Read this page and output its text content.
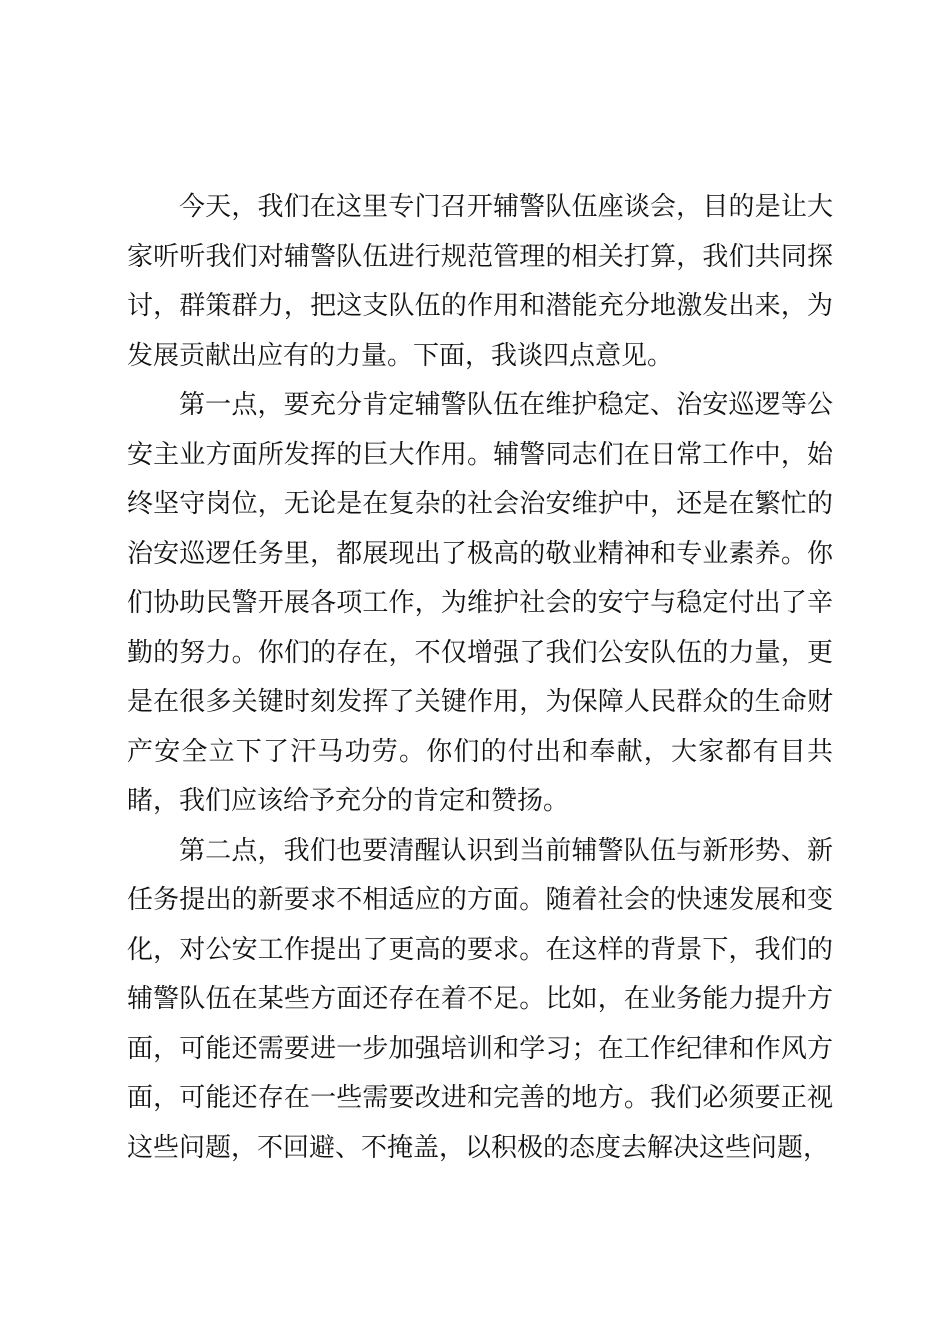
今天，我们在这里专门召开辅警队伍座谈会，目的是让大家听听我们对辅警队伍进行规范管理的相关打算，我们共同探讨，群策群力，把这支队伍的作用和潜能充分地激发出来，为发展贡献出应有的力量。下面，我谈四点意见。

第一点，要充分肯定辅警队伍在维护稳定、治安巡逻等公安主业方面所发挥的巨大作用。辅警同志们在日常工作中，始终坚守岗位，无论是在复杂的社会治安维护中，还是在繁忙的治安巡逻任务里，都展现出了极高的敬业精神和专业素养。你们协助民警开展各项工作，为维护社会的安宁与稳定付出了辛勤的努力。你们的存在，不仅增强了我们公安队伍的力量，更是在很多关键时刻发挥了关键作用，为保障人民群众的生命财产安全立下了汗马功劳。你们的付出和奉献，大家都有目共睹，我们应该给予充分的肯定和赞扬。

第二点，我们也要清醒认识到当前辅警队伍与新形势、新任务提出的新要求不相适应的方面。随着社会的快速发展和变化，对公安工作提出了更高的要求。在这样的背景下，我们的辅警队伍在某些方面还存在着不足。比如，在业务能力提升方面，可能还需要进一步加强培训和学习；在工作纪律和作风方面，可能还存在一些需要改进和完善的地方。我们必须要正视这些问题，不回避、不掩盖，以积极的态度去解决这些问题，
